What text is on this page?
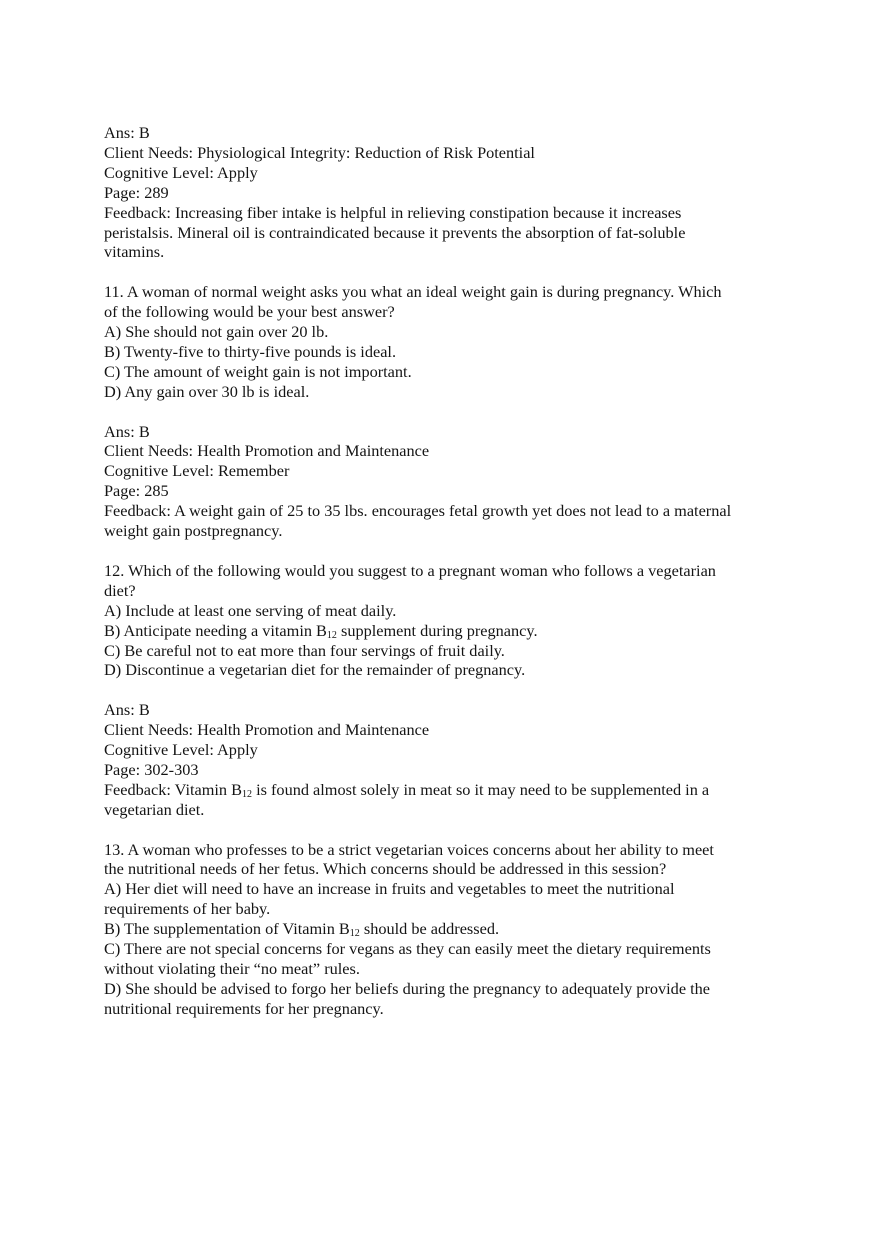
Ans: B
Client Needs: Physiological Integrity: Reduction of Risk Potential
Cognitive Level: Apply
Page: 289
Feedback: Increasing fiber intake is helpful in relieving constipation because it increases
peristalsis. Mineral oil is contraindicated because it prevents the absorption of fat-soluble
vitamins.
11. A woman of normal weight asks you what an ideal weight gain is during pregnancy. Which
of the following would be your best answer?
A) She should not gain over 20 lb.
B) Twenty-five to thirty-five pounds is ideal.
C) The amount of weight gain is not important.
D) Any gain over 30 lb is ideal.
Ans: B
Client Needs: Health Promotion and Maintenance
Cognitive Level: Remember
Page: 285
Feedback: A weight gain of 25 to 35 lbs. encourages fetal growth yet does not lead to a maternal
weight gain postpregnancy.
12. Which of the following would you suggest to a pregnant woman who follows a vegetarian
diet?
A) Include at least one serving of meat daily.
B) Anticipate needing a vitamin $B_{12}$ supplement during pregnancy.
C) Be careful not to eat more than four servings of fruit daily.
D) Discontinue a vegetarian diet for the remainder of pregnancy.
Ans: B
Client Needs: Health Promotion and Maintenance
Cognitive Level: Apply
Page: 302-303
Feedback: Vitamin $B_{12}$ is found almost solely in meat so it may need to be supplemented in a
vegetarian diet.
13. A woman who professes to be a strict vegetarian voices concerns about her ability to meet
the nutritional needs of her fetus. Which concerns should be addressed in this session?
A) Her diet will need to have an increase in fruits and vegetables to meet the nutritional
requirements of her baby.
B) The supplementation of Vitamin $B_{12}$ should be addressed.
C) There are not special concerns for vegans as they can easily meet the dietary requirements
without violating their “no meat” rules.
D) She should be advised to forgo her beliefs during the pregnancy to adequately provide the
nutritional requirements for her pregnancy.
